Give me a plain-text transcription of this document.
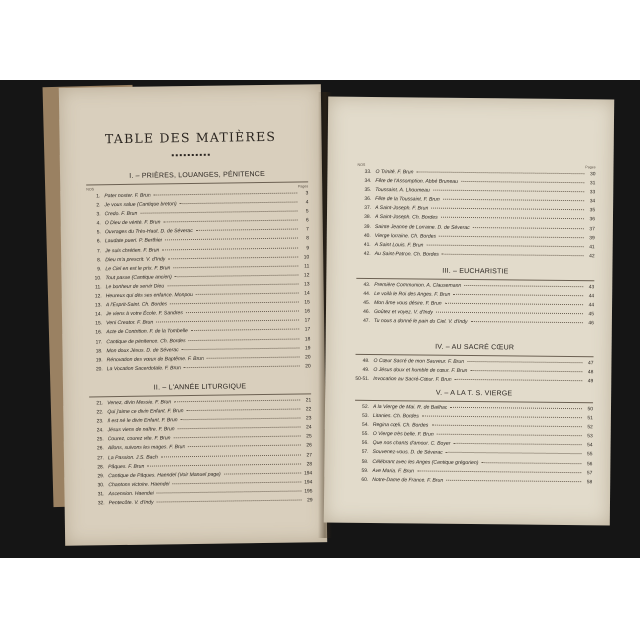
TABLE DES MATIÈRES
I. – PRIÈRES, LOUANGES, PÉNITENCE
NOS
Pages
1. Pater noster. F. Brun	3
2. Je vous salue (Cantique breton)	4
3. Credo. F. Brun	5
4. O Dieu de vérité. F. Brun	6
5. Ouvrages du Très-Haut. D. de Séverac	7
6. Laudate pueri. P. Berthier	8
7. Je suis chrétien. F. Brun	9
8. Dieu m'a prescrit. V. d'Indy	10
9. Le Ciel en est le prix. F. Brun	11
10. Tout passe (Cantique ancien)	12
11. Le bonheur de servir Dieu	13
12. Heureux qui dès ses enfance. Monpou	14
13. A l'Esprit-Saint. Ch. Bordes	15
14. Je viens à votre École. F. Sandres	16
15. Veni Creator. F. Brun	17
16. Acte de Contrition. F. de la Tombelle	17
17. Cantique de pénitence. Ch. Bordes	18
18. Mon doux Jésus. D. de Séverac	19
19. Rénovation des vœux de Baptême. F. Brun	20
20. La Vocation Sacerdotale. F. Brun	20
II. – L'ANNÉE LITURGIQUE
21. Venez, divin Messie. F. Brun	21
22. Qui j'aime ce divin Enfant. F. Brun	22
23. Il est né le divin Enfant. F. Brun	23
24. Jésus viens de naître. F. Brun	24
25. Courez, courez vite. F. Brun	25
26. Allons, suivons les mages. F. Brun	26
27. La Passion. J.S. Bach	27
28. Pâques. F. Brun	28
29. Cantique de Pâques. Haendel (Voir Manuel page)	194
30. Chantons victoire. Haendel	194
31. Ascension. Haendel	195
32. Pentecôte. V. d'Indy	29
NOS
Pages
33. O Trinité. F. Brun	30
34. Fête de l'Assomption. Abbé Bruneau	31
35. Toussaint. A. Lhoumeau	33
36. Fête de la Toussaint. F. Brun	34
37. A Saint-Joseph. F. Brun	35
38. A Saint-Joseph. Ch. Bordes	36
39. Sainte Jeanne de Lorraine. D. de Séverac	37
40. Vierge lorraine. Ch. Bordes	39
41. A Saint Louis. F. Brun	41
42. Au Saint-Patron. Ch. Bordes	42
III. – EUCHARISTIE
43. Première Communion. A. Clausemann	43
44. Le voilà le Roi des Anges. F. Brun	44
45. Mon âme vous désire. F. Brun	44
46. Goûtez et voyez. V. d'Indy	45
47. Tu nous a donné le pain du Ciel. V. d'Indy	46
IV. – AU SACRÉ CŒUR
48. O Cœur Sacré de mon Sauveur. F. Brun	47
49. O Jésus doux et humble de cœur. F. Brun	48
50-51. Invocation au Sacré-Cœur. F. Brun	49
V. – A LA T. S. VIERGE
52. A la Vierge de Mai. R. de Bailhac	50
53. Litanies. Ch. Bordes	51
54. Regina cœli. Ch. Bordes	52
55. O Vierge très belle. F. Brun	53
56. Que nos chants d'amour. C. Boyer	54
57. Souvenez-vous. D. de Séverac	55
58. Célébrant avec les Anges (Cantique grégorien)	56
59. Ave Maria. F. Brun	57
60. Notre-Dame de France. F. Brun	58
